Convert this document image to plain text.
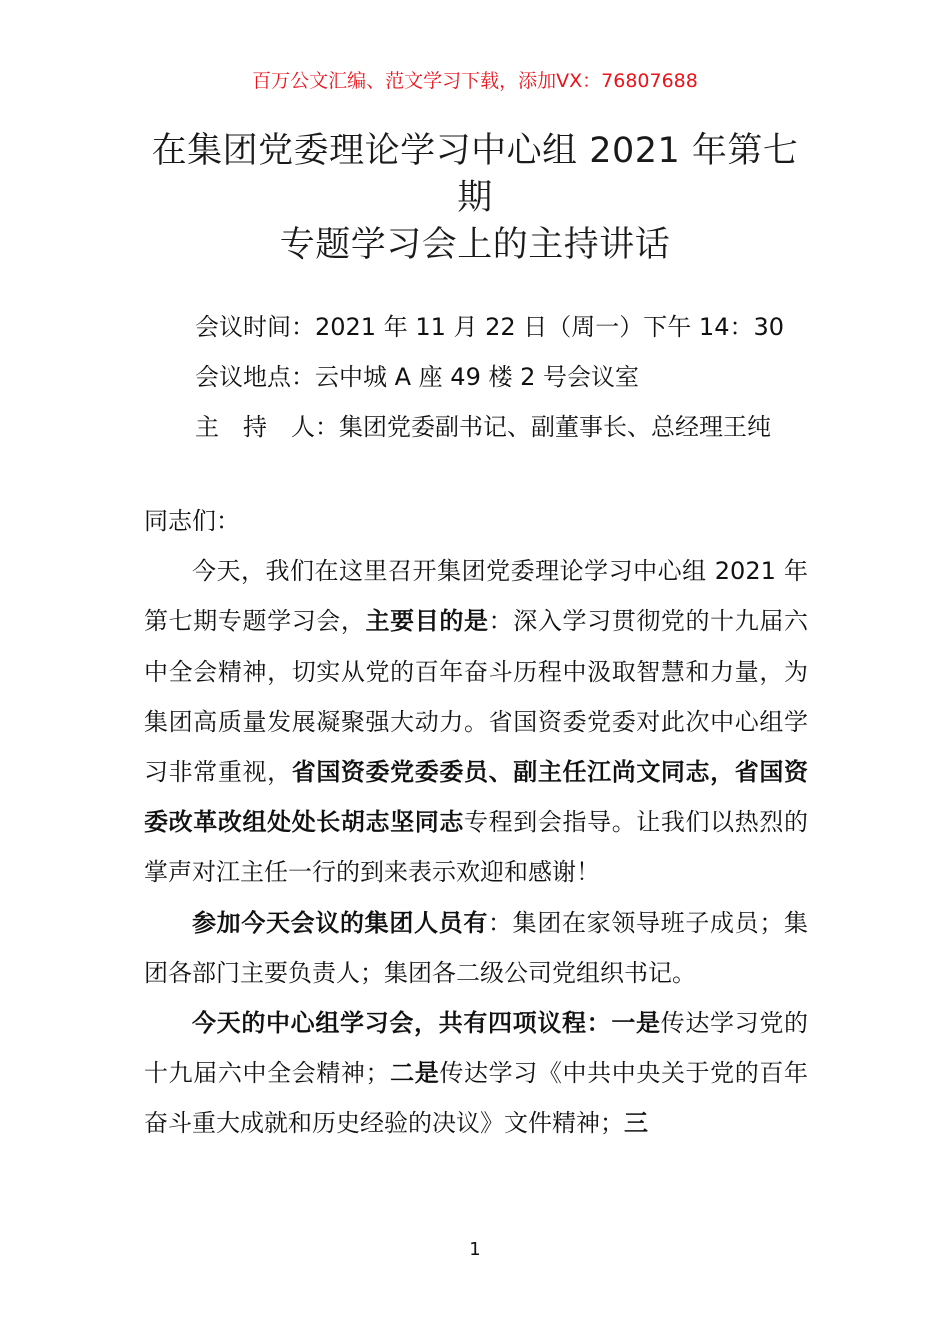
百万公文汇编、范文学习下载，添加VX：76807688
在集团党委理论学习中心组 2021 年第七
期
专题学习会上的主持讲话
会议时间：2021 年 11 月 22 日（周一）下午 14：30
会议地点：云中城 A 座 49 楼 2 号会议室
主　持　人：集团党委副书记、副董事长、总经理王纯

同志们：

今天，我们在这里召开集团党委理论学习中心组 2021 年第七期专题学习会，主要目的是：深入学习贯彻党的十九届六中全会精神，切实从党的百年奋斗历程中汲取智慧和力量，为集团高质量发展凝聚强大动力。省国资委党委对此次中心组学习非常重视，省国资委党委委员、副主任江尚文同志，省国资委改革改组处处长胡志坚同志专程到会指导。让我们以热烈的掌声对江主任一行的到来表示欢迎和感谢！

参加今天会议的集团人员有：集团在家领导班子成员；集团各部门主要负责人；集团各二级公司党组织书记。

今天的中心组学习会，共有四项议程：一是传达学习党的十九届六中全会精神；二是传达学习《中共中央关于党的百年奋斗重大成就和历史经验的决议》文件精神；三

1
